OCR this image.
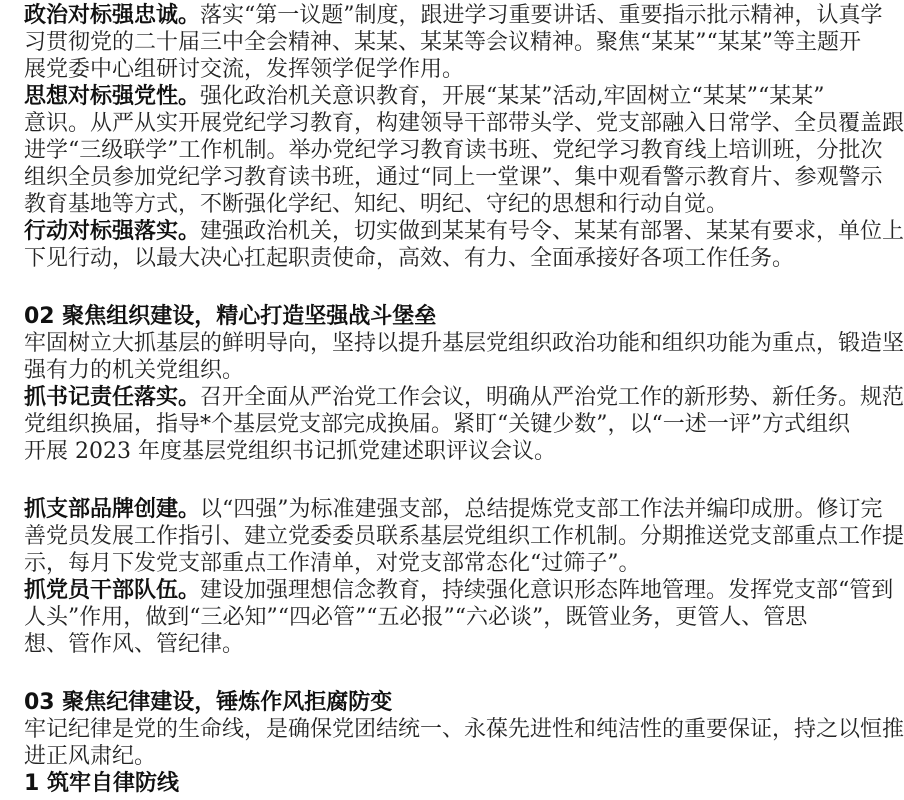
政治对标强忠诚。落实“第一议题”制度，跟进学习重要讲话、重要指示批示精神，认真学
习贯彻党的二十届三中全会精神、某某、某某等会议精神。聚焦“某某”“某某”等主题开
展党委中心组研讨交流，发挥领学促学作用。
思想对标强党性。强化政治机关意识教育，开展“某某”活动,牢固树立“某某”“某某”
意识。从严从实开展党纪学习教育，构建领导干部带头学、党支部融入日常学、全员覆盖跟
进学“三级联学”工作机制。举办党纪学习教育读书班、党纪学习教育线上培训班，分批次
组织全员参加党纪学习教育读书班，通过“同上一堂课”、集中观看警示教育片、参观警示
教育基地等方式，不断强化学纪、知纪、明纪、守纪的思想和行动自觉。
行动对标强落实。建强政治机关，切实做到某某有号令、某某有部署、某某有要求，单位上
下见行动，以最大决心扛起职责使命，高效、有力、全面承接好各项工作任务。
02 聚焦组织建设，精心打造坚强战斗堡垒
牢固树立大抓基层的鲜明导向，坚持以提升基层党组织政治功能和组织功能为重点，锻造坚
强有力的机关党组织。
抓书记责任落实。召开全面从严治党工作会议，明确从严治党工作的新形势、新任务。规范
党组织换届，指导*个基层党支部完成换届。紧盯“关键少数”，以“一述一评”方式组织
开展 2023 年度基层党组织书记抓党建述职评议会议。
抓支部品牌创建。以“四强”为标准建强支部，总结提炼党支部工作法并编印成册。修订完
善党员发展工作指引、建立党委委员联系基层党组织工作机制。分期推送党支部重点工作提
示，每月下发党支部重点工作清单，对党支部常态化“过筛子”。
抓党员干部队伍。建设加强理想信念教育，持续强化意识形态阵地管理。发挥党支部“管到
人头”作用，做到“三必知”“四必管”“五必报”“六必谈”，既管业务，更管人、管思
想、管作风、管纪律。
03 聚焦纪律建设，锤炼作风拒腐防变
牢记纪律是党的生命线，是确保党团结统一、永葆先进性和纯洁性的重要保证，持之以恒推
进正风肃纪。
1 筑牢自律防线
